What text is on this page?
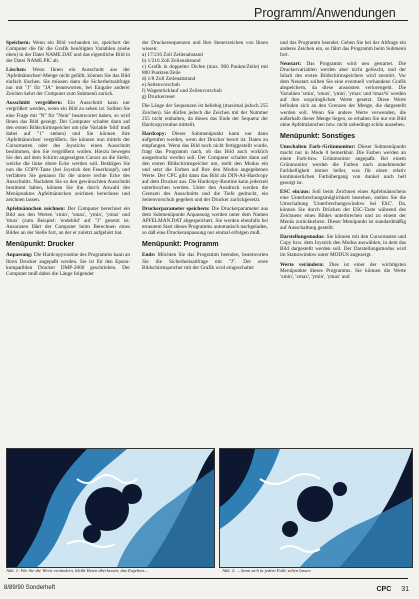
Programm/Anwendungen

Speichern: Wenn ein Bild vorhanden ist, speichert der Computer die für die Grafik benötigten Variablen (siehe oben) in der Datei NAME.DAT und das eigentliche Bild in der Datei NAME.PIC ab.

Löschen: Wenn Ihnen ein Ausschnitt aus der 'Apfelmännchen'-Menge nicht gefällt, können Sie das Bild einfach löschen. Sie müssen dann die Sicherheitsabfrage nur mit "J" für "JA" beantworten, bei Eingabe anderer Zeichen kehrt der Computer zum Submenü zurück.

Ausschnitt vergrößern: Ein Ausschnitt kann nur vergrößert werden, wenn ein Bild zu sehen ist. Sollten Sie eine Frage mit "N" für "Nein" beantwortet haben, so wird Ihnen das Bild gezeigt. Der Computer schaltet dann auf den ersten Bildschirmspeicher um (die Variable 'bild' muß dabei auf "1" stehen) und Sie können ihre 'Apfelmännchen' vergrößern. Sie können nun mittels der Cursortasten oder des Joysticks einen Ausschnitt bestimmen, den Sie vergrößern wollen. Hierzu bewegen Sie den auf dem Schirm angezeigten Cursor an die Stelle, welche die linke obere Ecke werden soll. Betätigen Sie nun die COPY-Taste (bei Joystick den Feuerknopf), und verfahren Sie genauso für die untere rechte Ecke des Ausschnitts. Nachdem Sie so den gewünschten Ausschnitt bestimmt haben, können Sie ihn durch Anwahl des Menüpunktes Apfelmännchen zeichnen berechnen und zeichnen lassen.

Apfelmännchen zeichnen: Der Computer berechnet ein Bild aus den Werten 'xmin', 'xmax', 'ymin', 'ymax' und 'tmax' (zum Beispiel: 'endebild' auf "J" gesetzt ist. Ansonsten fährt der Computer beim Berechnen eines Bildes an der Stelle fort, an der er zuletzt aufgehört hat.

Menüpunkt: Drucker

Anpassung: Die Hardcopyroutine des Programms kann an Ihren Drucker angepaßt werden. Sie ist für den Epson-kompatiblen Drucker DMP-2000 geschrieben. Der Computer muß dabei die Länge folgender

der Druckersequenzen und Ihre Steuerzeichen von Ihnen wissen:

a) 17/216 Zoll Zeilenabstand

b) 1/216 Zoll Zeilenabstand

c) Grafik in doppelter Dichte (max. 960 Punkte/Zeile) mit 800 Punkten/Zeile

d) 1/8 Zoll Zeilenabstand

e) Seitenvorschub

f) Wagenrücklauf und Zeilenvorschub

g) Druckerreset

Die Länge der Sequenzen ist beliebig (maximal jedoch 255 Zeichen). Sie dürfen jedoch die Zeichen mit der Nummer 255 nicht enthalten, da dieses das Ende der Sequenz der Hardcopyroutine mitteilt.

Hardcopy: Dieser Submenüpunkt kann nur dann aufgerufen werden, wenn der Drucker bereit ist. Daten zu empfangen. Wenn das Bild noch nicht fertiggestellt wurde, fragt das Programm nach, ob das Bild auch wirklich ausgedruckt werden soll. Der Computer schaltet dann auf den ersten Bildschirmspeicher um, stellt den Modus ein und setzt die Farben auf Ihre den Modus angegebenen Werte. Der CPC gibt dann das Bild als DIN-A4-Hardcopy auf dem Drucker aus. Die Hardcopy-Routine kann jederzeit unterbrochen werden. Unter den Ausdruck werden die Grenzen des Ausschnitts und die Tiefe gedruckt, ein Seitenvorschub gegeben und der Drucker zurückgesetzt.

Druckerparameter speichern: Die Druckerparameter aus dem Submenüpunkt Anpassung werden unter dem Namen APFELMAN.DAT abgespeichert. Sie werden ebenfalls bei erneutem Start dieses Programms automatisch nachgeladen, so daß eine Druckeranpassung nur einmal erfolgen muß.

Menüpunkt: Programm

Ende: Möchten Sie das Programm beenden, beantworten Sie die Sicherheitsabfrage mit "J". Der erste Bildschirmspeicher mit der Grafik wird eingeschaltet

und das Programm beendet. Geben Sie bei der Abfrage ein anderes Zeichen ein, so fährt das Programm beim Submenü fort.

Neustart: Das Programm wird neu gestartet. Die Druckervariablen werden aber nicht gelöscht, und der Inhalt des ersten Bildschirmspeichers wird zerstört. Vor dem Neustart sollten Sie eine eventuell vorhandene Grafik abspeichern, da diese ansonsten verlorengeht. Die Variablen 'xmin', 'xmax', 'ymin', 'ymax' und 'tmax%' werden auf ihre ursprünglichen Werte gesetzt. Diese Werte befinden sich an den Grenzen der Menge, die dargestellt werden soll. Wenn Sie andere Werte verwenden, die außerhalb dieser Menge liegen, so erhalten Sie nur ein Bild ohne Apfelmännchen bzw. nicht unbedingt schön aussehen.

Menüpunkt: Sonstiges

Umschalten Farb-/Grünmonitor: Dieser Submenüpunkt macht nur in Mode 0 bemerkbar. Die Farben werden an einen Farb-bzw. Grünmonitor angepaßt. Bei einem Grünmonitor werden die Farben nach zunehmender Farbhelligkeit immer heller, was für einen relativ kontinuierlichen Farbübergang von dunkel nach hell gesorgt ist.

ESC ein/aus: Soll beim Zeichnen eines Apfelmännchens eine Unterbrechungsmöglichkeit bestehen, stellen Sie die Umschaltung 'Unterbrechungswindow bei ESC'. Da, können Sie durch Drücken der ESC-Taste während des Zeichnens eines Bildes unterbrechen und zu einem der Menüs zurückkehren. Dieser Menüpunkt ist standardmäßig auf Ausschaltung gestellt.

Darstellungsmodus: Sie können mit den Cursortasten und Copy bzw. dem Joystick den Modus auswählen, in dem das Bild dargestellt werden soll. Der Darstellungsmodus wird im Statuswindow unter MODUS angezeigt.

Werte verändern: Dies ist einer der wichtigsten Menüpunkte dieses Programms. Sie können die Werte 'xmin', 'xmax', 'ymin', 'ymax' und

Abb. 1: Wie Sie die Werte verändern, bleibt Ihnen überlassen, das Ergebnis...	Abb. 2: ... kann sich in jedem Falle sehen lassen
8/89/90 Sonderheft	CPC 31
